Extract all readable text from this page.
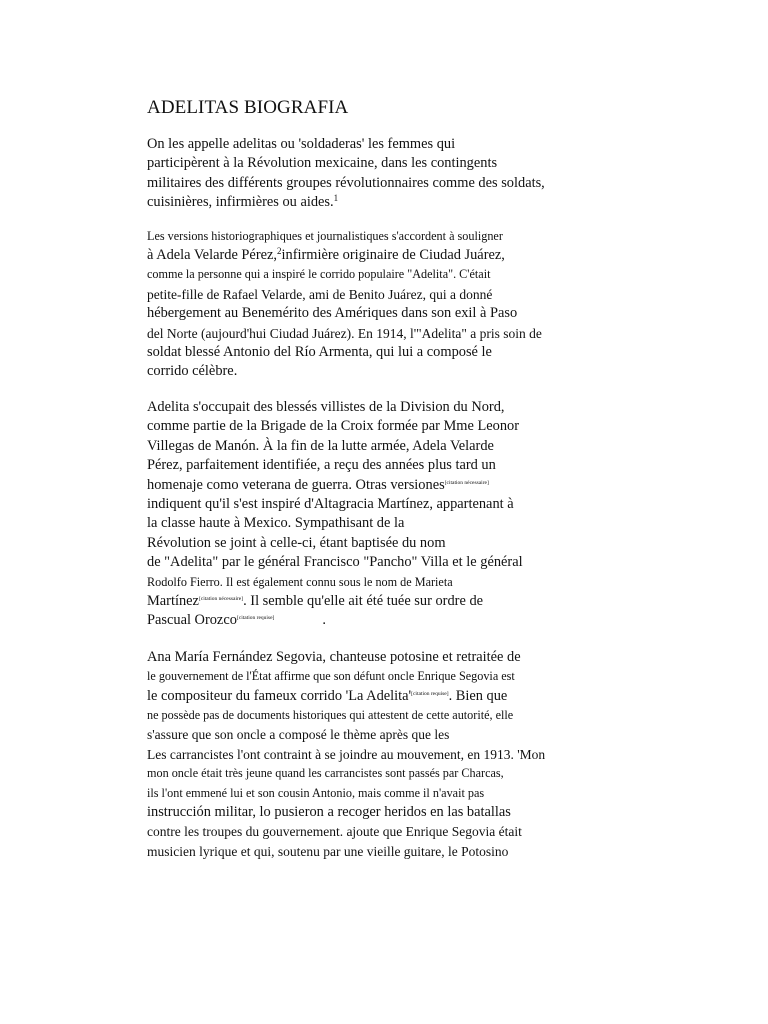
ADELITAS BIOGRAFIA
On les appelle adelitas ou 'soldaderas' les femmes qui
participèrent à la Révolution mexicaine, dans les contingents
militaires des différents groupes révolutionnaires comme des soldats,
cuisinières, infirmières ou aides.$^1$
Les versions historiographiques et journalistiques s'accordent à souligner
à Adela Velarde Pérez,$^2$infirmière originaire de Ciudad Juárez,
comme la personne qui a inspiré le corrido populaire "Adelita". C'était
petite-fille de Rafael Velarde, ami de Benito Juárez, qui a donné
hébergement au Benemérito des Amériques dans son exil à Paso
del Norte (aujourd'hui Ciudad Juárez). En 1914, l'"Adelita" a pris soin de
soldat blessé Antonio del Río Armenta, qui lui a composé le
corrido célèbre.
Adelita s'occupait des blessés villistes de la Division du Nord,
comme partie de la Brigade de la Croix formée par Mme Leonor
Villegas de Manón. À la fin de la lutte armée, Adela Velarde
Pérez, parfaitement identifiée, a reçu des années plus tard un
homenaje como veterana de guerra. Otras versiones[citation nécessaire]
indiquent qu'il s'est inspiré d'Altagracia Martínez, appartenant à
la classe haute à Mexico. Sympathisant de la
Révolution se joint à celle-ci, étant baptisée du nom
de "Adelita" par le général Francisco "Pancho" Villa et le général
Rodolfo Fierro. Il est également connu sous le nom de Marieta
Martínez[citation nécessaire]. Il semble qu'elle ait été tuée sur ordre de
Pascual Orozco[citation requise]	.
Ana María Fernández Segovia, chanteuse potosine et retraitée de
le gouvernement de l'État affirme que son défunt oncle Enrique Segovia est
le compositeur du fameux corrido 'La Adelita'[citation requise]. Bien que
ne possède pas de documents historiques qui attestent de cette autorité, elle
s'assure que son oncle a composé le thème après que les
Les carrancistes l'ont contraint à se joindre au mouvement, en 1913. 'Mon
mon oncle était très jeune quand les carrancistes sont passés par Charcas,
ils l'ont emmené lui et son cousin Antonio, mais comme il n'avait pas
instrucción militar, lo pusieron a recoger heridos en las batallas
contre les troupes du gouvernement. ajoute que Enrique Segovia était
musicien lyrique et qui, soutenu par une vieille guitare, le Potosino
